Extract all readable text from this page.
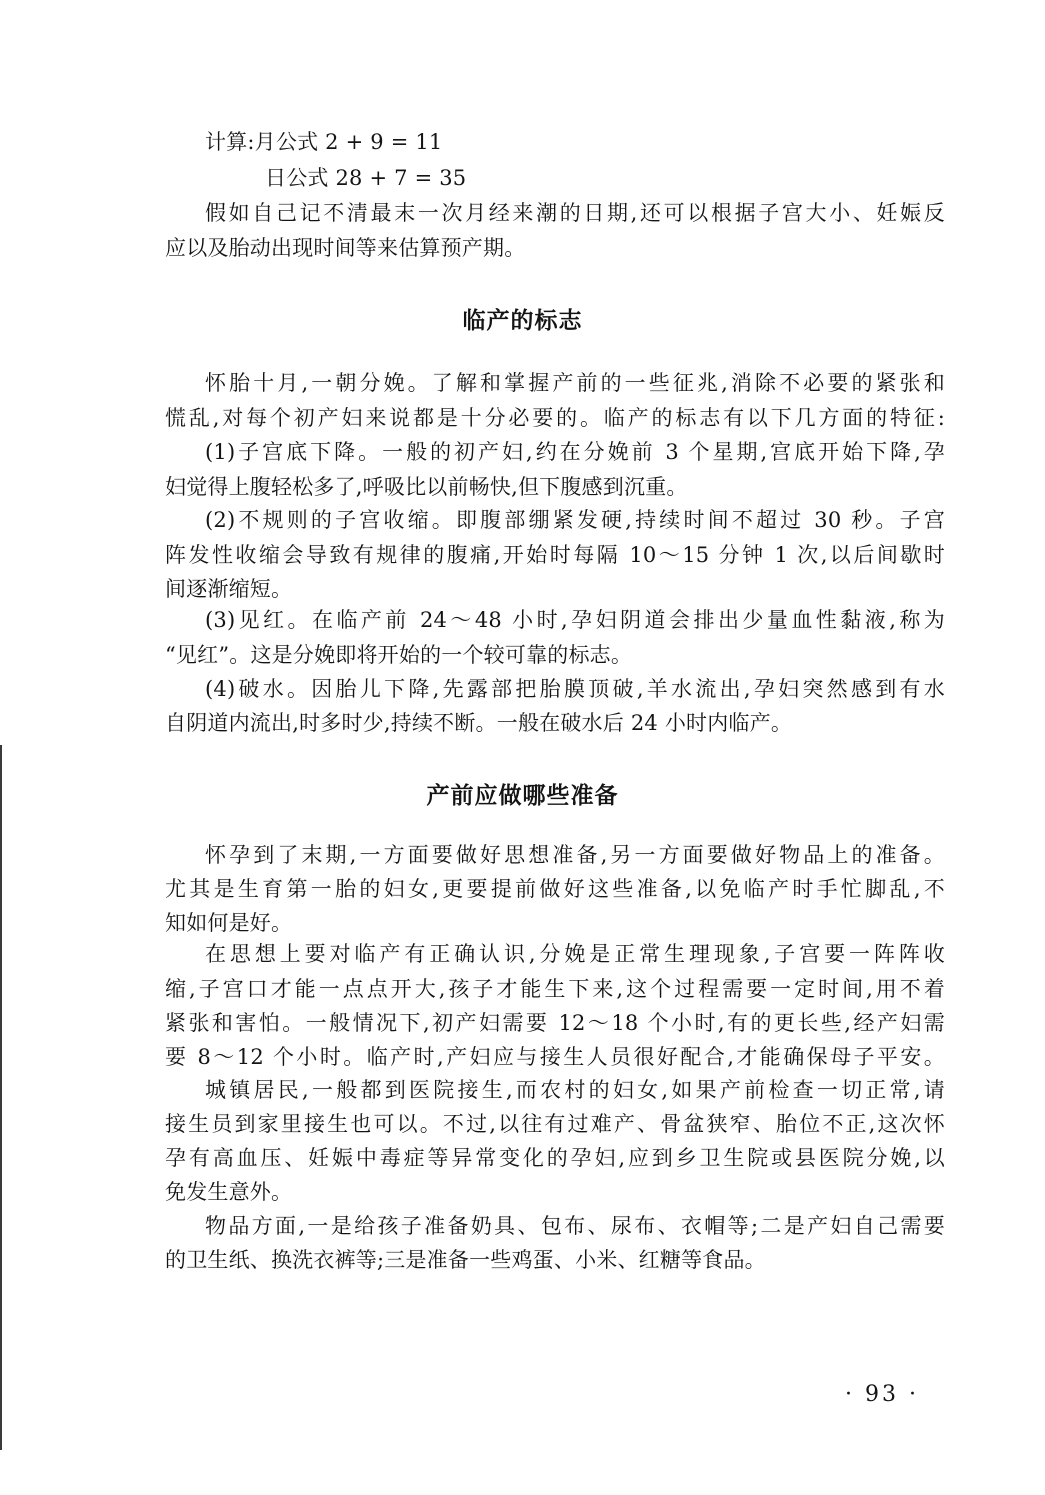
计算:月公式 2 + 9 = 11
日公式 28 + 7 = 35
假如自己记不清最末一次月经来潮的日期,还可以根据子宫大小、妊娠反
应以及胎动出现时间等来估算预产期。
临产的标志
怀胎十月,一朝分娩。了解和掌握产前的一些征兆,消除不必要的紧张和
慌乱,对每个初产妇来说都是十分必要的。临产的标志有以下几方面的特征:
(1)子宫底下降。一般的初产妇,约在分娩前 3 个星期,宫底开始下降,孕
妇觉得上腹轻松多了,呼吸比以前畅快,但下腹感到沉重。
(2)不规则的子宫收缩。即腹部绷紧发硬,持续时间不超过 30 秒。子宫
阵发性收缩会导致有规律的腹痛,开始时每隔 10～15 分钟 1 次,以后间歇时
间逐渐缩短。
(3)见红。在临产前 24～48 小时,孕妇阴道会排出少量血性黏液,称为
“见红”。这是分娩即将开始的一个较可靠的标志。
(4)破水。因胎儿下降,先露部把胎膜顶破,羊水流出,孕妇突然感到有水
自阴道内流出,时多时少,持续不断。一般在破水后 24 小时内临产。
产前应做哪些准备
怀孕到了末期,一方面要做好思想准备,另一方面要做好物品上的准备。
尤其是生育第一胎的妇女,更要提前做好这些准备,以免临产时手忙脚乱,不
知如何是好。
在思想上要对临产有正确认识,分娩是正常生理现象,子宫要一阵阵收
缩,子宫口才能一点点开大,孩子才能生下来,这个过程需要一定时间,用不着
紧张和害怕。一般情况下,初产妇需要 12～18 个小时,有的更长些,经产妇需
要 8～12 个小时。临产时,产妇应与接生人员很好配合,才能确保母子平安。
城镇居民,一般都到医院接生,而农村的妇女,如果产前检查一切正常,请
接生员到家里接生也可以。不过,以往有过难产、骨盆狭窄、胎位不正,这次怀
孕有高血压、妊娠中毒症等异常变化的孕妇,应到乡卫生院或县医院分娩,以
免发生意外。
物品方面,一是给孩子准备奶具、包布、尿布、衣帽等;二是产妇自己需要
的卫生纸、换洗衣裤等;三是准备一些鸡蛋、小米、红糖等食品。
· 93 ·
